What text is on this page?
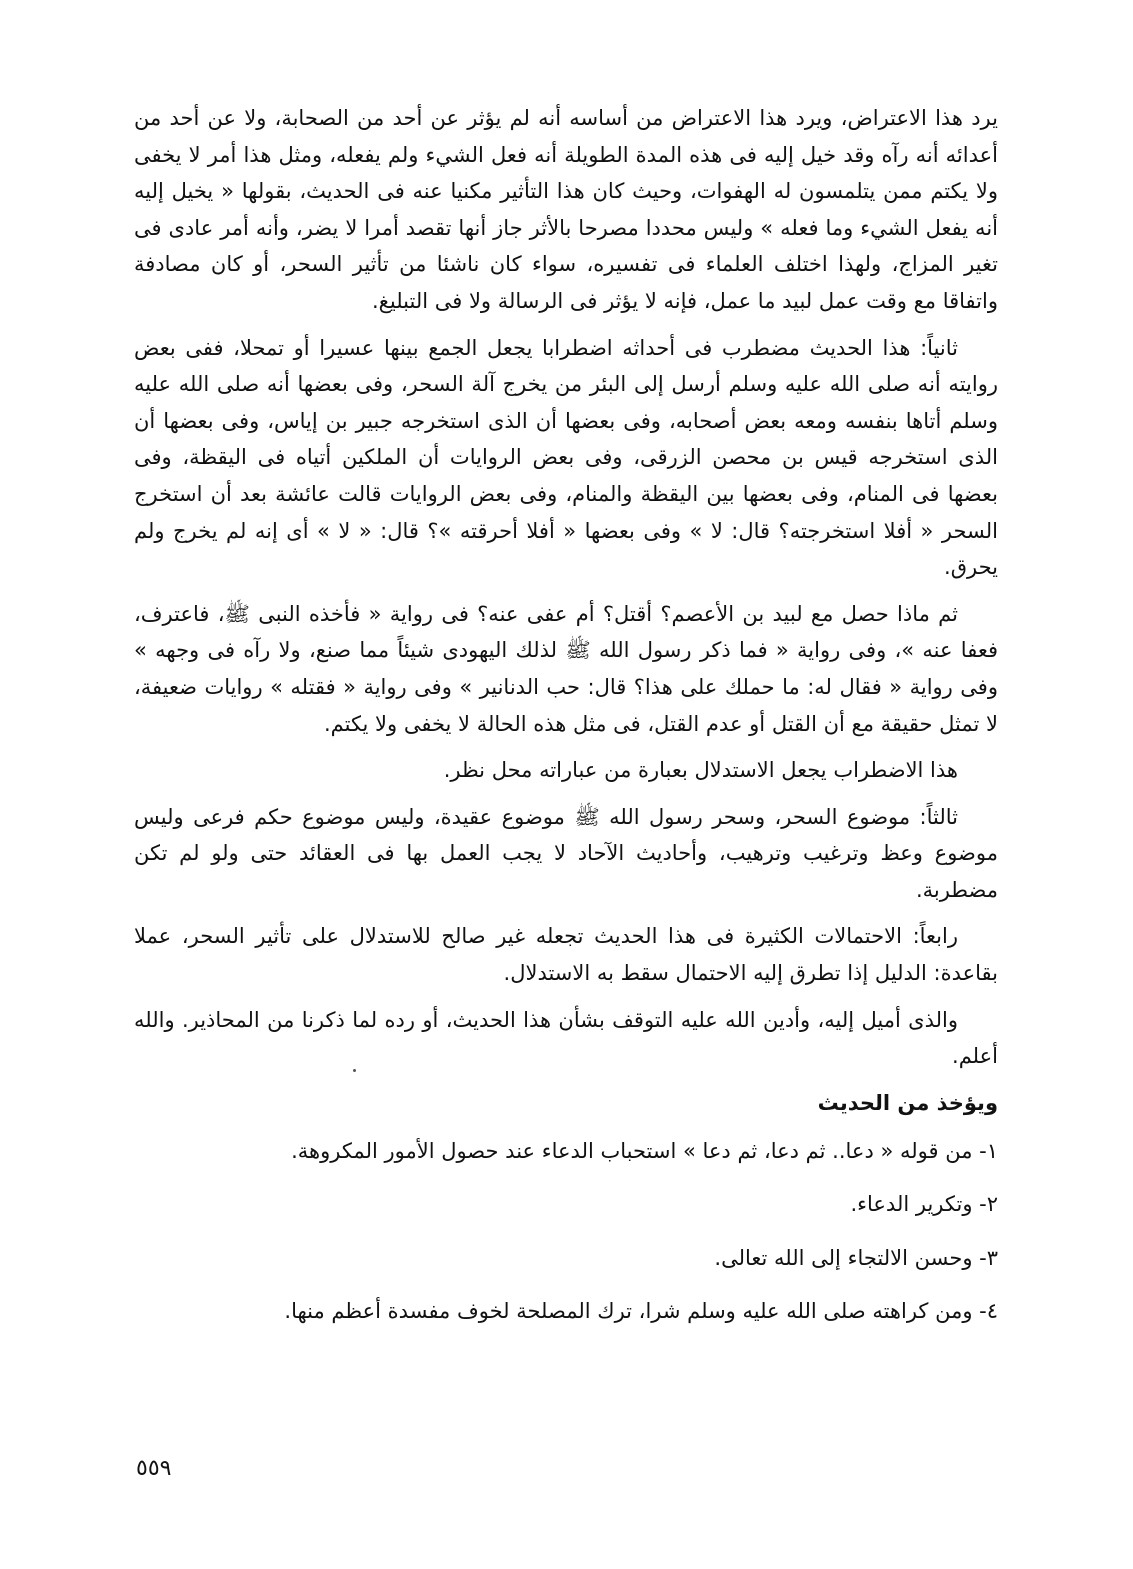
يرد هذا الاعتراض، ويرد هذا الاعتراض من أساسه أنه لم يؤثر عن أحد من الصحابة، ولا عن أحد من أعدائه أنه رآه وقد خيل إليه فى هذه المدة الطويلة أنه فعل الشيء ولم يفعله، ومثل هذا أمر لا يخفى ولا يكتم ممن يتلمسون له الهفوات، وحيث كان هذا التأثير مكنيا عنه فى الحديث، بقولها « يخيل إليه أنه يفعل الشيء وما فعله » وليس محددا مصرحا بالأثر جاز أنها تقصد أمرا لا يضر، وأنه أمر عادى فى تغير المزاج، ولهذا اختلف العلماء فى تفسيره، سواء كان ناشئا من تأثير السحر، أو كان مصادفة واتفاقا مع وقت عمل لبيد ما عمل، فإنه لا يؤثر فى الرسالة ولا فى التبليغ.

ثانياً: هذا الحديث مضطرب فى أحداثه اضطرابا يجعل الجمع بينها عسيرا أو تمحلا، ففى بعض روايته أنه صلى الله عليه وسلم أرسل إلى البئر من يخرج آلة السحر، وفى بعضها أنه صلى الله عليه وسلم أتاها بنفسه ومعه بعض أصحابه، وفى بعضها أن الذى استخرجه جبير بن إياس، وفى بعضها أن الذى استخرجه قيس بن محصن الزرقى، وفى بعض الروايات أن الملكين أتياه فى اليقظة، وفى بعضها فى المنام، وفى بعضها بين اليقظة والمنام، وفى بعض الروايات قالت عائشة بعد أن استخرج السحر « أفلا استخرجته؟ قال: لا » وفى بعضها « أفلا أحرقته »؟ قال: « لا » أى إنه لم يخرج ولم يحرق.

ثم ماذا حصل مع لبيد بن الأعصم؟ أقتل؟ أم عفى عنه؟ فى رواية « فأخذه النبى ﷺ، فاعترف، فعفا عنه »، وفى رواية « فما ذكر رسول الله ﷺ لذلك اليهودى شيئاً مما صنع، ولا رآه فى وجهه » وفى رواية « فقال له: ما حملك على هذا؟ قال: حب الدنانير » وفى رواية « فقتله » روايات ضعيفة، لا تمثل حقيقة مع أن القتل أو عدم القتل، فى مثل هذه الحالة لا يخفى ولا يكتم.

هذا الاضطراب يجعل الاستدلال بعبارة من عباراته محل نظر.

ثالثاً: موضوع السحر، وسحر رسول الله ﷺ موضوع عقيدة، وليس موضوع حكم فرعى وليس موضوع وعظ وترغيب وترهيب، وأحاديث الآحاد لا يجب العمل بها فى العقائد حتى ولو لم تكن مضطربة.

رابعاً: الاحتمالات الكثيرة فى هذا الحديث تجعله غير صالح للاستدلال على تأثير السحر، عملا بقاعدة: الدليل إذا تطرق إليه الاحتمال سقط به الاستدلال.

والذى أميل إليه، وأدين الله عليه التوقف بشأن هذا الحديث، أو رده لما ذكرنا من المحاذير. والله أعلم.

ويؤخذ من الحديث
١- من قوله « دعا.. ثم دعا، ثم دعا » استحباب الدعاء عند حصول الأمور المكروهة.
٢- وتكرير الدعاء.
٣- وحسن الالتجاء إلى الله تعالى.
٤- ومن كراهته صلى الله عليه وسلم شرا، ترك المصلحة لخوف مفسدة أعظم منها.
٥٥٩
